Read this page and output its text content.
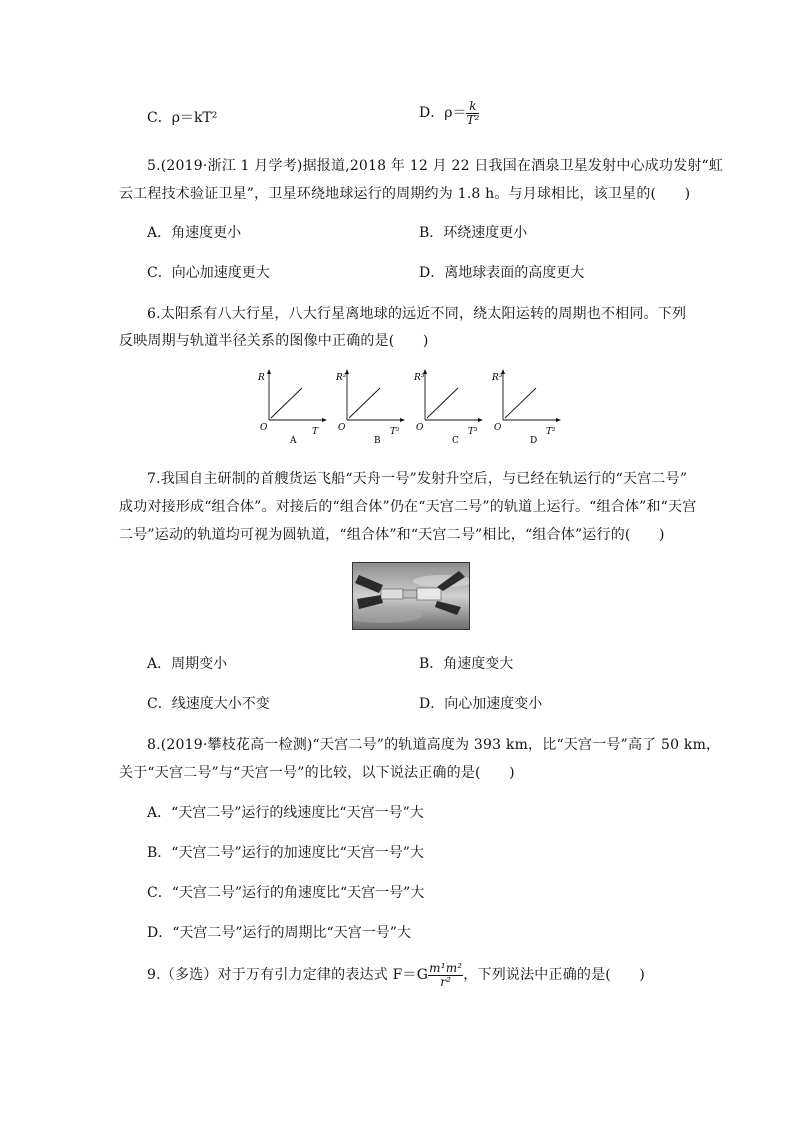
C．ρ＝kT²	D．$\rho= \frac{k}{\text{T²}}$
5.(2019·浙江 1 月学考)据报道,2018 年 12 月 22 日我国在酒泉卫星发射中心成功发射“虹
云工程技术验证卫星”，卫星环绕地球运行的周期约为 1.8 h。与月球相比，该卫星的(　　)
A．角速度更小	B．环绕速度更小
C．向心加速度更大	D．离地球表面的高度更大
6.太阳系有八大行星，八大行星离地球的远近不同，绕太阳运转的周期也不相同。下列
反映周期与轨道半径关系的图像中正确的是(　　)
R
T
O
A
R²
T²
O
B
R³
T³
O
C
R³
T²
O
D
7.我国自主研制的首艘货运飞船“天舟一号”发射升空后，与已经在轨运行的“天宫二号”
成功对接形成“组合体”。对接后的“组合体”仍在“天宫二号”的轨道上运行。“组合体”和“天宫
二号”运动的轨道均可视为圆轨道，“组合体”和“天宫二号”相比，“组合体”运行的(　　)
A．周期变小	B．角速度变大
C．线速度大小不变	D．向心加速度变小
8.(2019·攀枝花高一检测)“天宫二号”的轨道高度为 393 km，比“天宫一号”高了 50 km，
关于“天宫二号”与“天宫一号”的比较，以下说法正确的是(　　)
A．“天宫二号”运行的线速度比“天宫一号”大
B．“天宫二号”运行的加速度比“天宫一号”大
C．“天宫二号”运行的角速度比“天宫一号”大
D．“天宫二号”运行的周期比“天宫一号”大
9.（多选）对于万有引力定律的表达式 $F=G \frac{\text{m¹m²}}{\text{r²}}$ ，下列说法中正确的是(　　)
